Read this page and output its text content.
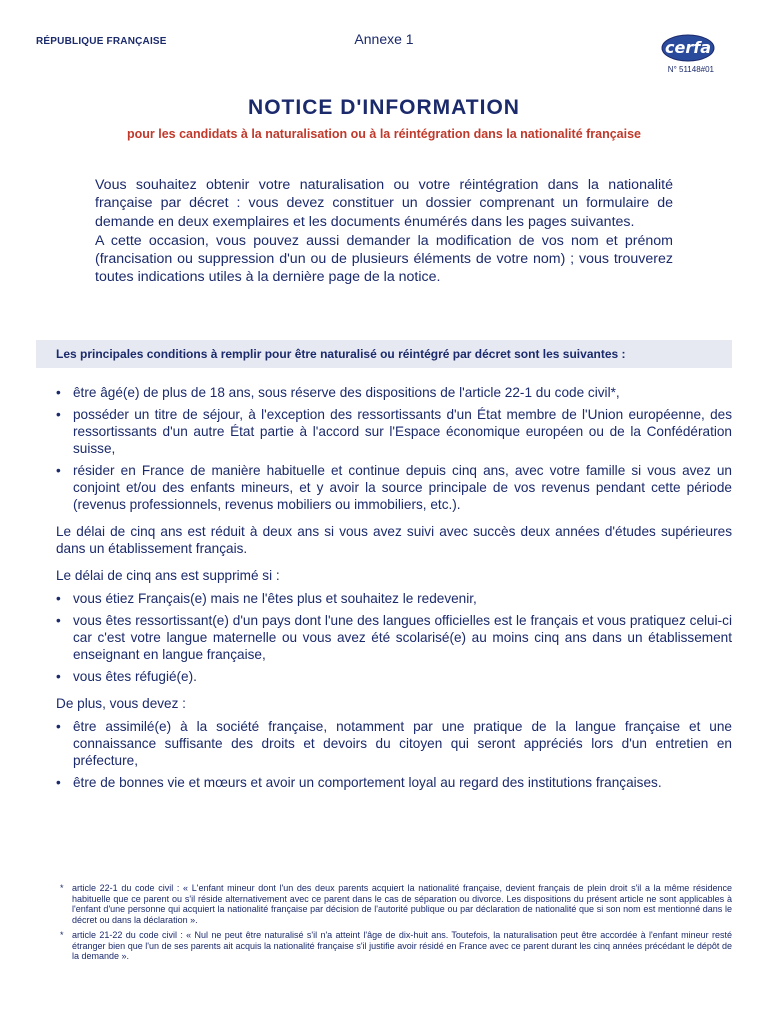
RÉPUBLIQUE FRANÇAISE	Annexe 1	cerfa
N° 51148#01
NOTICE D'INFORMATION
pour les candidats à la naturalisation ou à la réintégration dans la nationalité française

Vous souhaitez obtenir votre naturalisation ou votre réintégration dans la nationalité française par décret : vous devez constituer un dossier comprenant un formulaire de demande en deux exemplaires et les documents énumérés dans les pages suivantes.

A cette occasion, vous pouvez aussi demander la modification de vos nom et prénom (francisation ou suppression d'un ou de plusieurs éléments de votre nom) ; vous trouverez toutes indications utiles à la dernière page de la notice.

Les principales conditions à remplir pour être naturalisé ou réintégré par décret sont les suivantes :
• être âgé(e) de plus de 18 ans, sous réserve des dispositions de l'article 22-1 du code civil*,
• posséder un titre de séjour, à l'exception des ressortissants d'un État membre de l'Union européenne, des ressortissants d'un autre État partie à l'accord sur l'Espace économique européen ou de la Confédération suisse,
• résider en France de manière habituelle et continue depuis cinq ans, avec votre famille si vous avez un conjoint et/ou des enfants mineurs, et y avoir la source principale de vos revenus pendant cette période (revenus professionnels, revenus mobiliers ou immobiliers, etc.).

Le délai de cinq ans est réduit à deux ans si vous avez suivi avec succès deux années d'études supérieures dans un établissement français.

Le délai de cinq ans est supprimé si :

• vous étiez Français(e) mais ne l'êtes plus et souhaitez le redevenir,
• vous êtes ressortissant(e) d'un pays dont l'une des langues officielles est le français et vous pratiquez celui-ci car c'est votre langue maternelle ou vous avez été scolarisé(e) au moins cinq ans dans un établissement enseignant en langue française,
• vous êtes réfugié(e).

De plus, vous devez :

• être assimilé(e) à la société française, notamment par une pratique de la langue française et une connaissance suffisante des droits et devoirs du citoyen qui seront appréciés lors d'un entretien en préfecture,
• être de bonnes vie et mœurs et avoir un comportement loyal au regard des institutions françaises.
* article 22-1 du code civil : « L'enfant mineur dont l'un des deux parents acquiert la nationalité française, devient français de plein droit s'il a la même résidence habituelle que ce parent ou s'il réside alternativement avec ce parent dans le cas de séparation ou divorce. Les dispositions du présent article ne sont applicables à l'enfant d'une personne qui acquiert la nationalité française par décision de l'autorité publique ou par déclaration de nationalité que si son nom est mentionné dans le décret ou dans la déclaration ».
* article 21-22 du code civil : « Nul ne peut être naturalisé s'il n'a atteint l'âge de dix-huit ans. Toutefois, la naturalisation peut être accordée à l'enfant mineur resté étranger bien que l'un de ses parents ait acquis la nationalité française s'il justifie avoir résidé en France avec ce parent durant les cinq années précédant le dépôt de la demande ».
